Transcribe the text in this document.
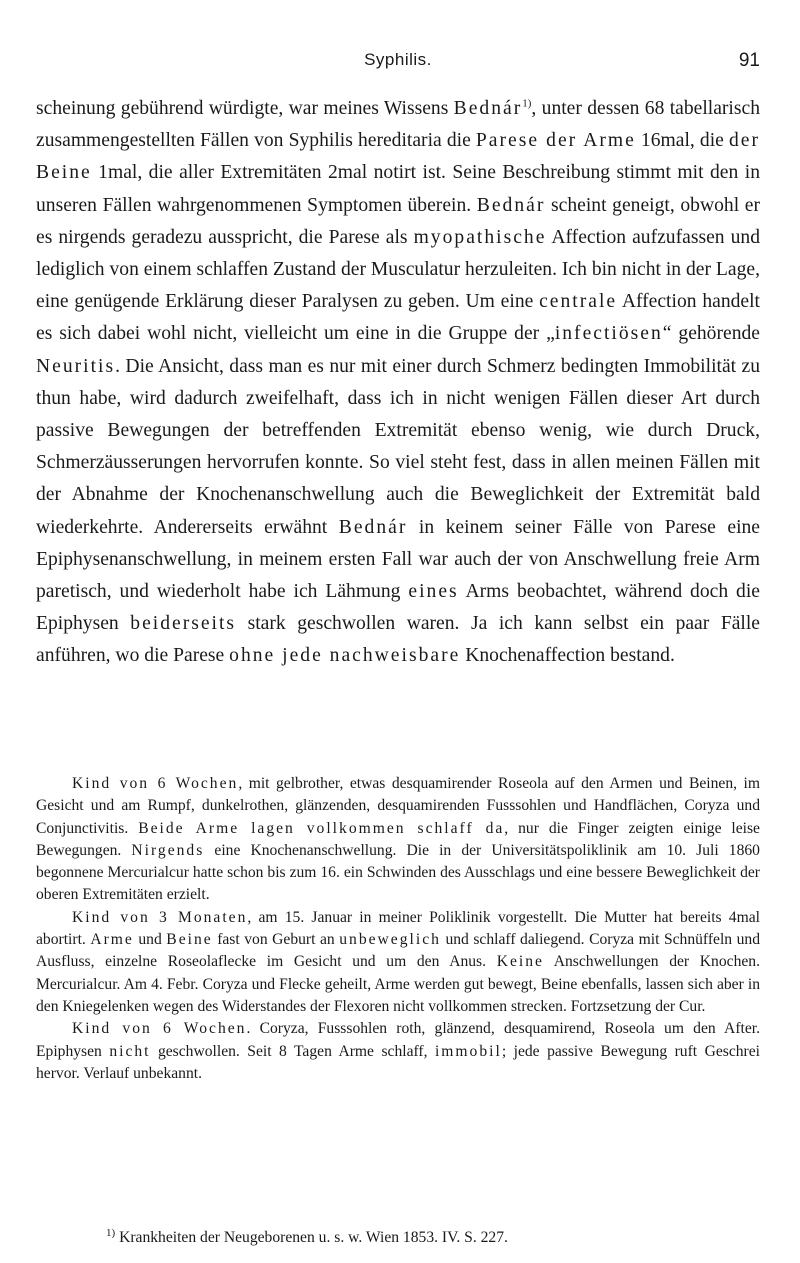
Syphilis.	91

scheinung gebührend würdigte, war meines Wissens Bednár$^{1)}$, unter dessen 68 tabellarisch zusammengestellten Fällen von Syphilis hereditaria die Parese der Arme 16mal, die der Beine 1mal, die aller Extremitäten 2mal notirt ist. Seine Beschreibung stimmt mit den in unseren Fällen wahrgenommenen Symptomen überein. Bednár scheint geneigt, obwohl er es nirgends geradezu ausspricht, die Parese als myopathische Affection aufzufassen und lediglich von einem schlaffen Zustand der Musculatur herzuleiten. Ich bin nicht in der Lage, eine genügende Erklärung dieser Paralysen zu geben. Um eine centrale Affection handelt es sich dabei wohl nicht, vielleicht um eine in die Gruppe der „infectiösen“ gehörende Neuritis. Die Ansicht, dass man es nur mit einer durch Schmerz bedingten Immobilität zu thun habe, wird dadurch zweifelhaft, dass ich in nicht wenigen Fällen dieser Art durch passive Bewegungen der betreffenden Extremität ebenso wenig, wie durch Druck, Schmerzäusserungen hervorrufen konnte. So viel steht fest, dass in allen meinen Fällen mit der Abnahme der Knochenanschwellung auch die Beweglichkeit der Extremität bald wiederkehrte. Andererseits erwähnt Bednár in keinem seiner Fälle von Parese eine Epiphysenanschwellung, in meinem ersten Fall war auch der von Anschwellung freie Arm paretisch, und wiederholt habe ich Lähmung eines Arms beobachtet, während doch die Epiphysen beiderseits stark geschwollen waren. Ja ich kann selbst ein paar Fälle anführen, wo die Parese ohne jede nachweisbare Knochenaffection bestand.

Kind von 6 Wochen, mit gelbrother, etwas desquamirender Roseola auf den Armen und Beinen, im Gesicht und am Rumpf, dunkelrothen, glänzenden, desquamirenden Fusssohlen und Handflächen, Coryza und Conjunctivitis. Beide Arme lagen vollkommen schlaff da, nur die Finger zeigten einige leise Bewegungen. Nirgends eine Knochenanschwellung. Die in der Universitätspoliklinik am 10. Juli 1860 begonnene Mercurialcur hatte schon bis zum 16. ein Schwinden des Ausschlags und eine bessere Beweglichkeit der oberen Extremitäten erzielt.

Kind von 3 Monaten, am 15. Januar in meiner Poliklinik vorgestellt. Die Mutter hat bereits 4mal abortirt. Arme und Beine fast von Geburt an unbeweglich und schlaff daliegend. Coryza mit Schnüffeln und Ausfluss, einzelne Roseolaflecke im Gesicht und um den Anus. Keine Anschwellungen der Knochen. Mercurialcur. Am 4. Febr. Coryza und Flecke geheilt, Arme werden gut bewegt, Beine ebenfalls, lassen sich aber in den Kniegelenken wegen des Widerstandes der Flexoren nicht vollkommen strecken. Fortzsetzung der Cur.

Kind von 6 Wochen. Coryza, Fusssohlen roth, glänzend, desquamirend, Roseola um den After. Epiphysen nicht geschwollen. Seit 8 Tagen Arme schlaff, immobil; jede passive Bewegung ruft Geschrei hervor. Verlauf unbekannt.

$^{1)}$ Krankheiten der Neugeborenen u. s. w. Wien 1853. IV. S. 227.
